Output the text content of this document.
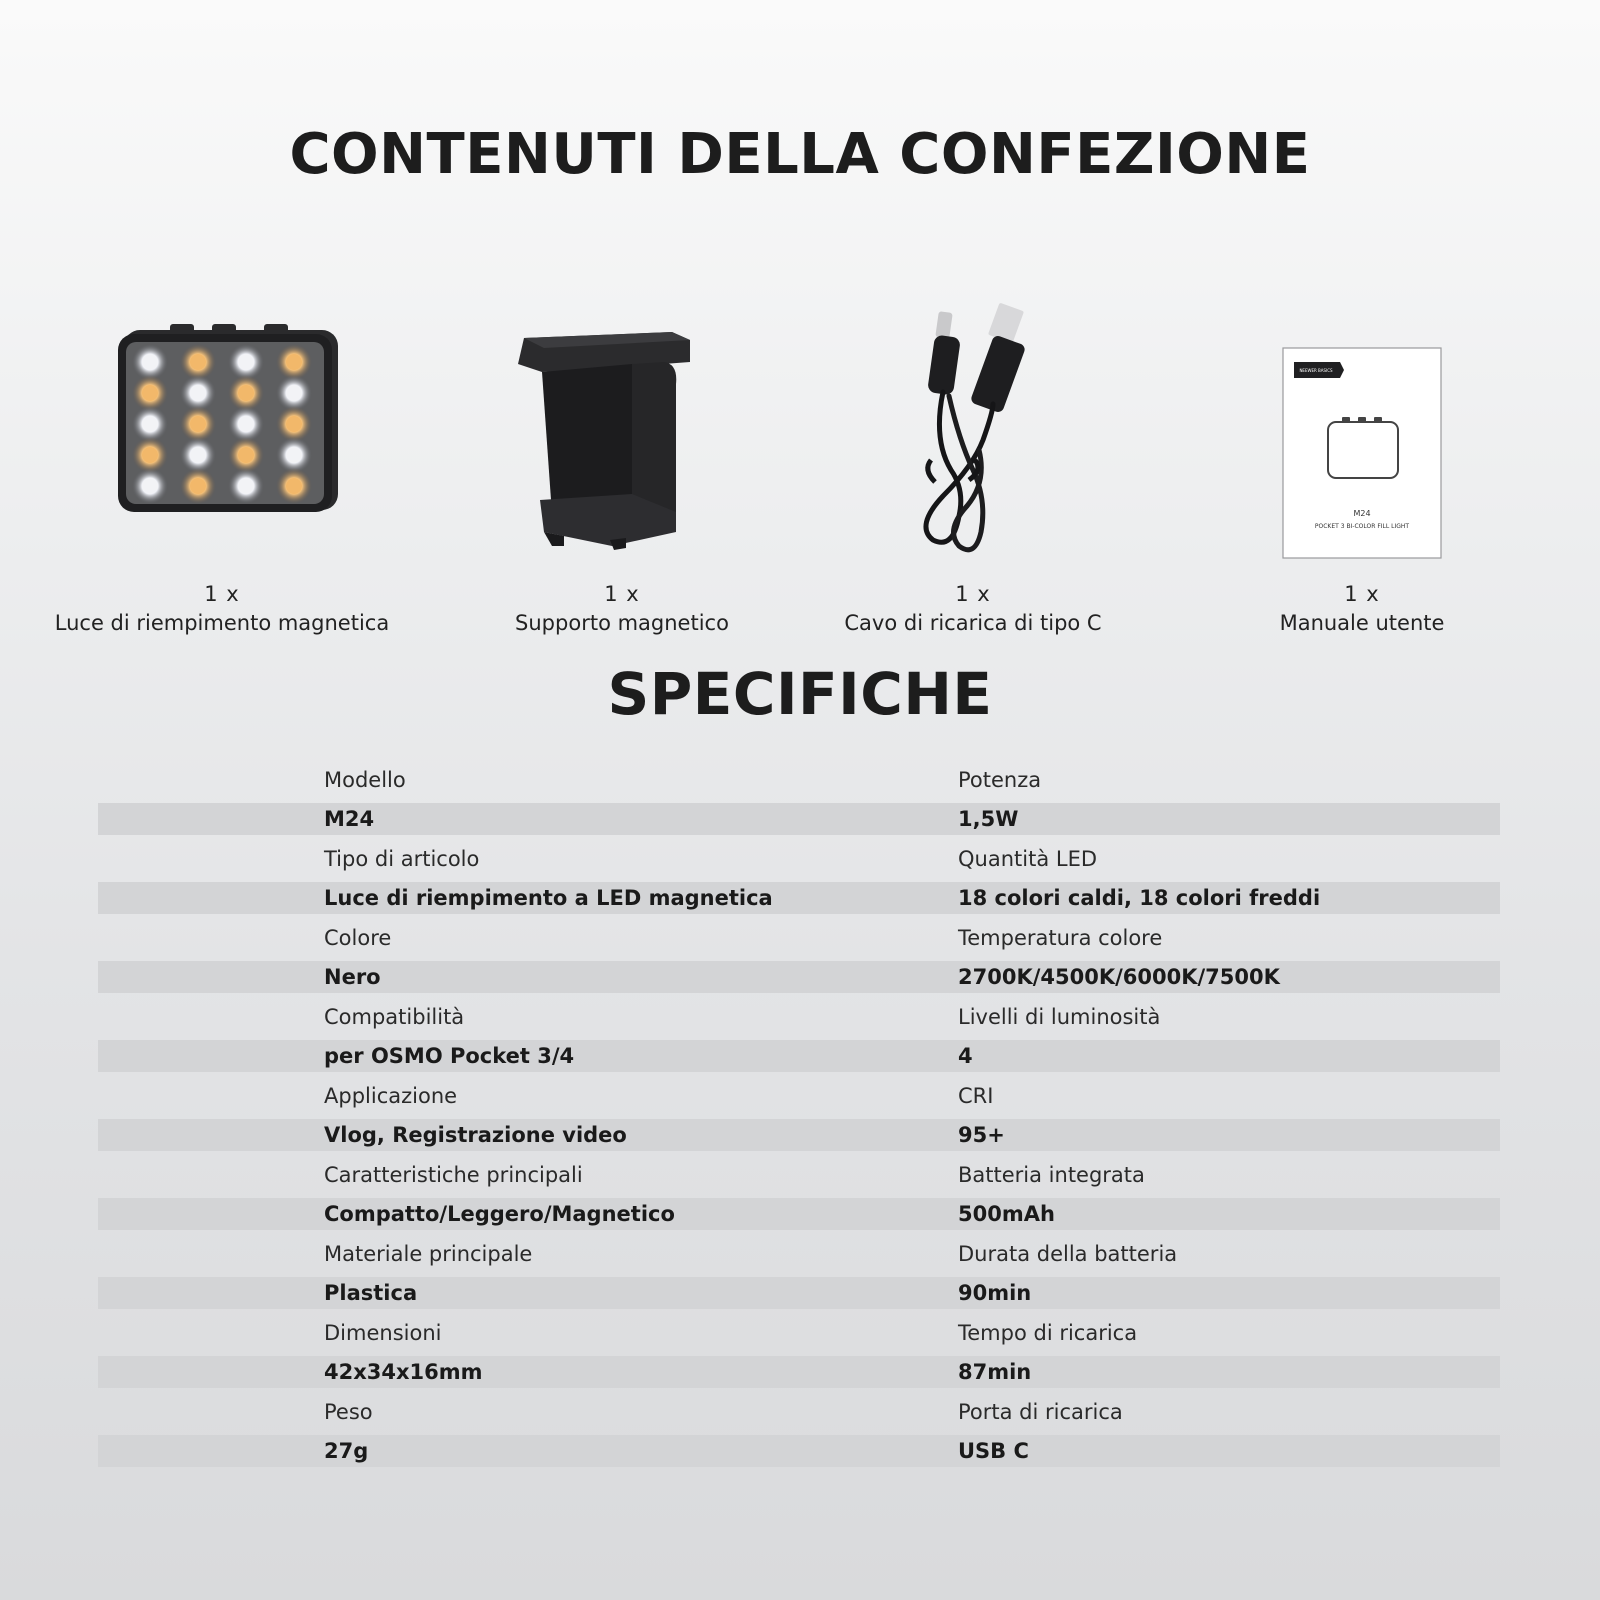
CONTENUTI DELLA CONFEZIONE
1 x
Luce di riempimento magnetica
1 x
Supporto magnetico
1 x
Cavo di ricarica di tipo C
NEEWER BASICS
M24
POCKET 3 BI-COLOR FILL LIGHT
1 x
Manuale utente
SPECIFICHE
Modello	Potenza
M24	1,5W
Tipo di articolo	Quantità LED
Luce di riempimento a LED magnetica	18 colori caldi, 18 colori freddi
Colore	Temperatura colore
Nero	2700K/4500K/6000K/7500K
Compatibilità	Livelli di luminosità
per OSMO Pocket 3/4	4
Applicazione	CRI
Vlog, Registrazione video	95+
Caratteristiche principali	Batteria integrata
Compatto/Leggero/Magnetico	500mAh
Materiale principale	Durata della batteria
Plastica	90min
Dimensioni	Tempo di ricarica
42x34x16mm	87min
Peso	Porta di ricarica
27g	USB C
